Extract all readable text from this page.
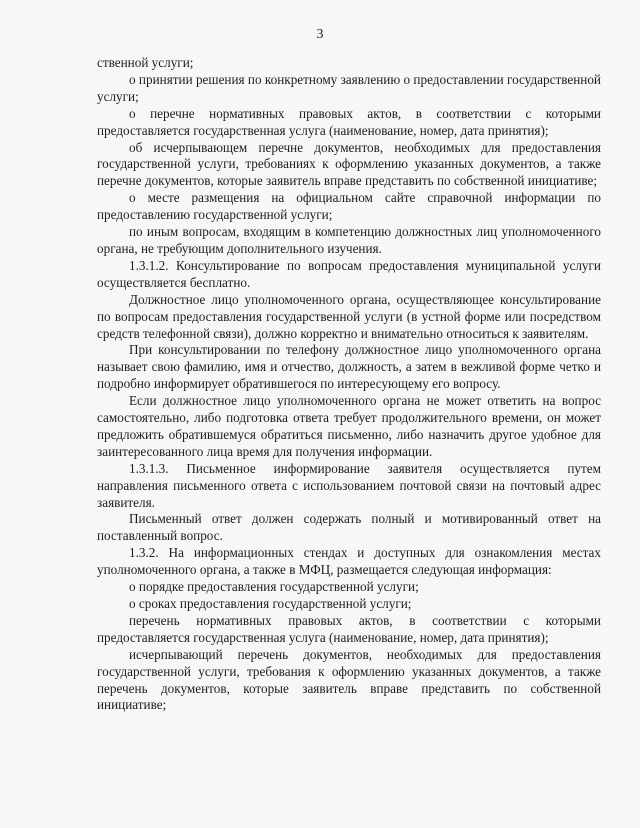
3

ственной услуги;

о принятии решения по конкретному заявлению о предоставлении государственной услуги;

о перечне нормативных правовых актов, в соответствии с которыми предоставляется государственная услуга (наименование, номер, дата принятия);

об исчерпывающем перечне документов, необходимых для предоставления государственной услуги, требованиях к оформлению указанных документов, а также перечне документов, которые заявитель вправе представить по собственной инициативе;

о месте размещения на официальном сайте справочной информации по предоставлению государственной услуги;

по иным вопросам, входящим в компетенцию должностных лиц уполномоченного органа, не требующим дополнительного изучения.

1.3.1.2. Консультирование по вопросам предоставления муниципальной услуги осуществляется бесплатно.

Должностное лицо уполномоченного органа, осуществляющее консультирование по вопросам предоставления государственной услуги (в устной форме или посредством средств телефонной связи), должно корректно и внимательно относиться к заявителям.

При консультировании по телефону должностное лицо уполномоченного органа называет свою фамилию, имя и отчество, должность, а затем в вежливой форме четко и подробно информирует обратившегося по интересующему его вопросу.

Если должностное лицо уполномоченного органа не может ответить на вопрос самостоятельно, либо подготовка ответа требует продолжительного времени, он может предложить обратившемуся обратиться письменно, либо назначить другое удобное для заинтересованного лица время для получения информации.

1.3.1.3. Письменное информирование заявителя осуществляется путем направления письменного ответа с использованием почтовой связи на почтовый адрес заявителя.

Письменный ответ должен содержать полный и мотивированный ответ на поставленный вопрос.

1.3.2. На информационных стендах и доступных для ознакомления местах уполномоченного органа, а также в МФЦ, размещается следующая информация:

о порядке предоставления государственной услуги;

о сроках предоставления государственной услуги;

перечень нормативных правовых актов, в соответствии с которыми предоставляется государственная услуга (наименование, номер, дата принятия);

исчерпывающий перечень документов, необходимых для предоставления государственной услуги, требования к оформлению указанных документов, а также перечень документов, которые заявитель вправе представить по собственной инициативе;
